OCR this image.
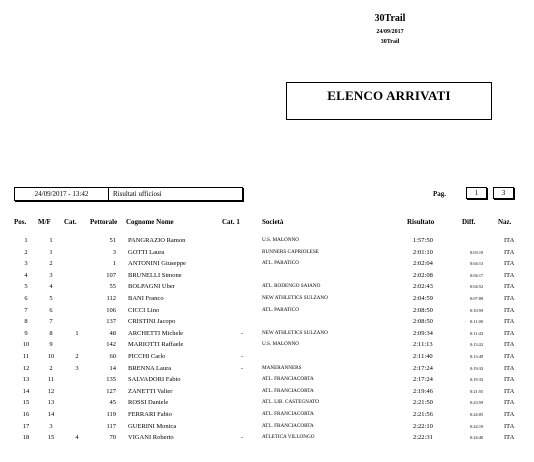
30Trail
24/09/2017
30Trail
ELENCO ARRIVATI
24/09/2017 - 13:42	Risultati ufficiosi	Pag.	1	3
Pos.	M/F	Cat.	Pettorale	Cognome Nome	Cat. 1	Società	Risultato	Diff.	Naz.
1	1		51	PANGRAZIO Ramon		U.S. MALONNO	1:57:50		ITA
2	1		3	GOTTI Laura		RUNNERS CAPRIOLESE	2:01:10	0:03:19	ITA
3	2		1	ANTONINI Giuseppe		ATL. PARATICO	2:02:04	0:04:13	ITA
4	3		107	BRUNELLI Simone			2:02:08	0:04:17	ITA
5	4		55	BOLPAGNI Uber		ATL. RODENGO SAIANO	2:02:43	0:04:52	ITA
6	5		112	BANI Franco		NEW ATHLETICS SULZANO	2:04:59	0:07:08	ITA
7	6		106	CICCI Lino		ATL. PARATICO	2:08:50	0:10:59	ITA
8	7		137	CRISTINI Jacopo			2:08:50	0:11:00	ITA
9	8	1	48	ARCHETTI Michele	-	NEW ATHLETICS SULZANO	2:09:34	0:11:43	ITA
10	9		142	MARIOTTI Raffaele		U.S. MALONNO	2:11:13	0:13:22	ITA
11	10	2	60	PICCHI Carlo	-		2:11:40	0:13:49	ITA
12	2	3	14	BRENNA Laura	-	MANERANNERS	2:17:24	0:19:33	ITA
13	11		135	SALVADORI Fabio		ATL. FRANCIACORTA	2:17:24	0:19:33	ITA
14	12		127	ZANETTI Valter		ATL. FRANCIACORTA	2:19:46	0:21:55	ITA
15	13		45	ROSSI Daniele		ATL. LIB. CASTEGNATO	2:21:50	0:23:59	ITA
16	14		119	FERRARI Fabio		ATL. FRANCIACORTA	2:21:56	0:24:05	ITA
17	3		117	GUERINI Monica		ATL. FRANCIACORTA	2:22:10	0:24:19	ITA
18	15	4	70	VIGANI Roberto	-	ATLETICA VILLONGO	2:22:31	0:24:40	ITA
